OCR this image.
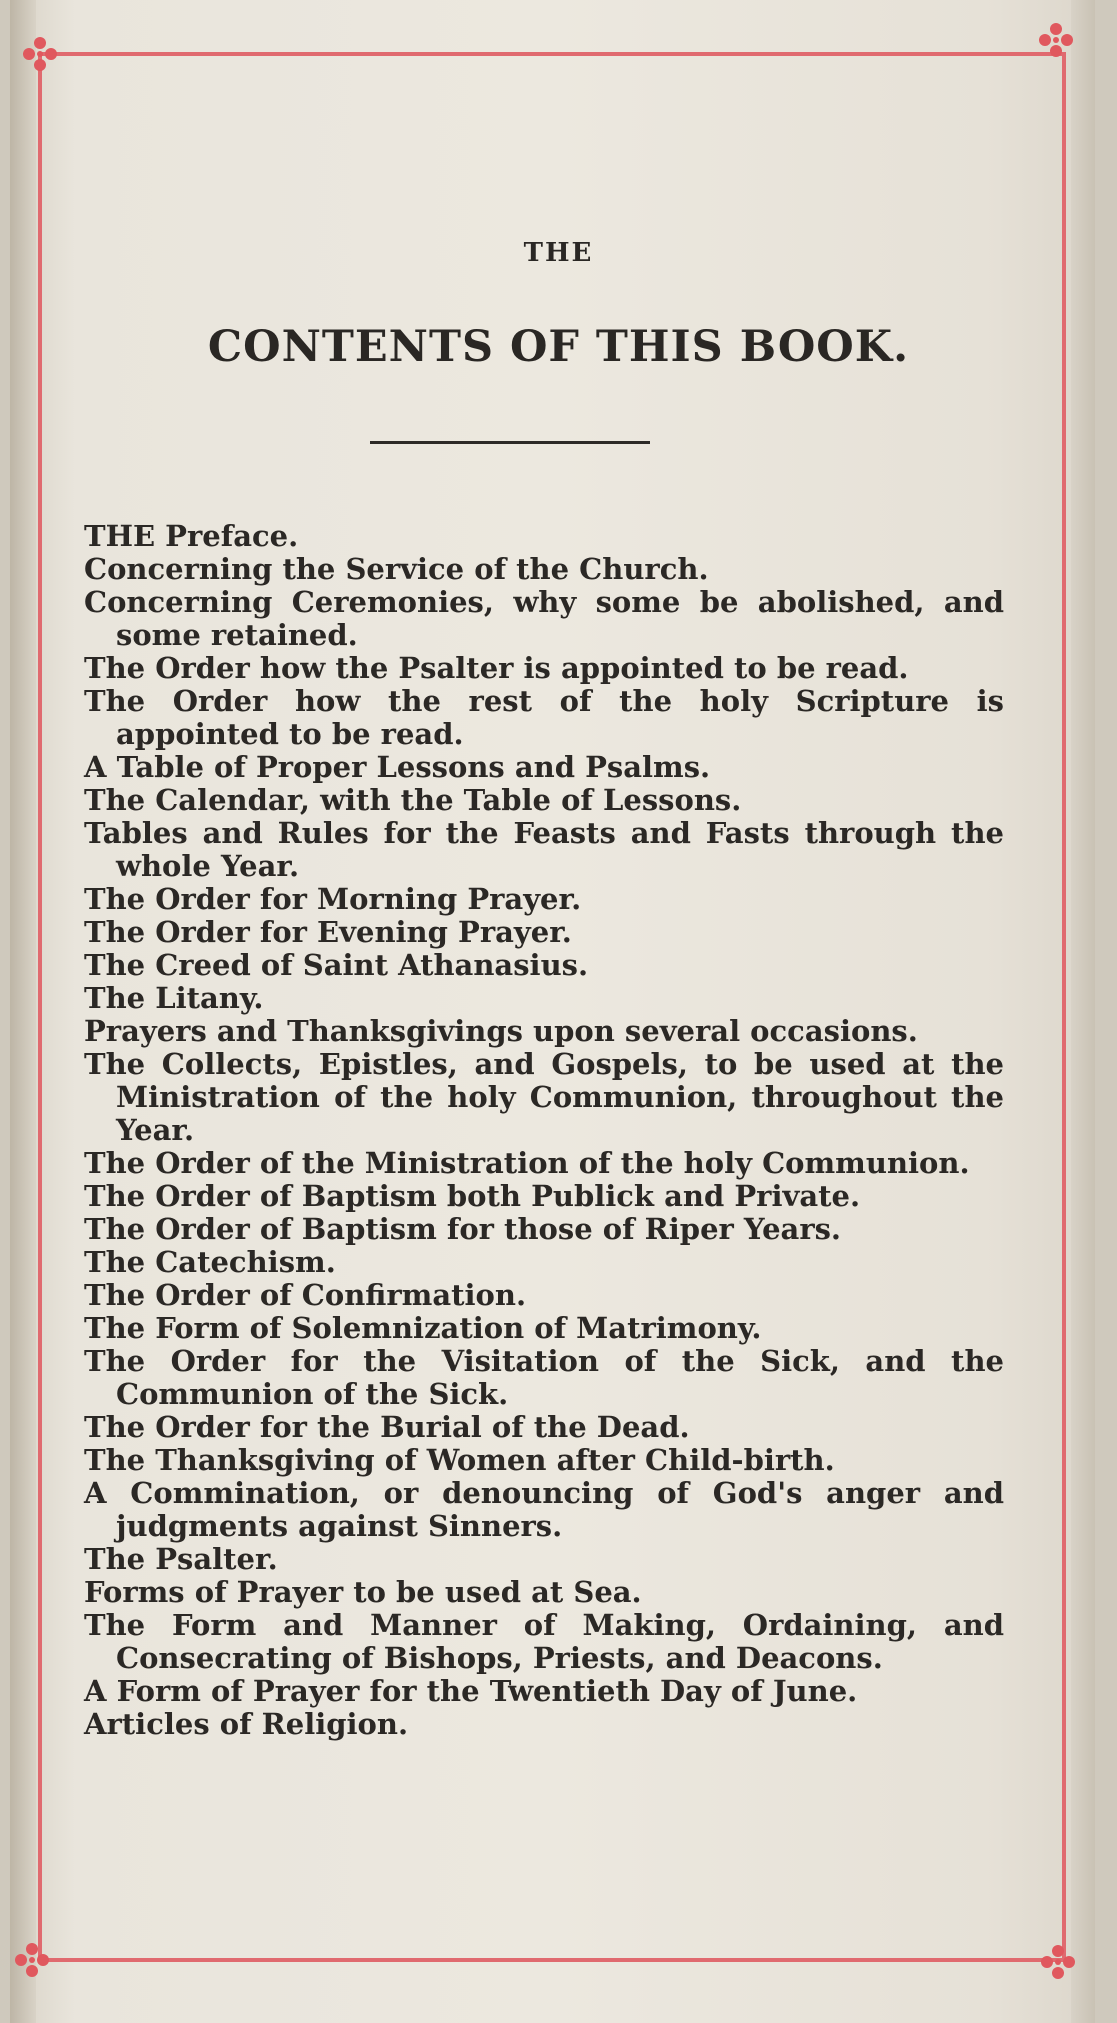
THE
CONTENTS OF THIS BOOK.
THE Preface.
Concerning the Service of the Church.
Concerning Ceremonies, why some be abolished, and some retained.
The Order how the Psalter is appointed to be read.
The Order how the rest of the holy Scripture is appointed to be read.
A Table of Proper Lessons and Psalms.
The Calendar, with the Table of Lessons.
Tables and Rules for the Feasts and Fasts through the whole Year.
The Order for Morning Prayer.
The Order for Evening Prayer.
The Creed of Saint Athanasius.
The Litany.
Prayers and Thanksgivings upon several occasions.
The Collects, Epistles, and Gospels, to be used at the Ministration of the holy Communion, throughout the Year.
The Order of the Ministration of the holy Communion.
The Order of Baptism both Publick and Private.
The Order of Baptism for those of Riper Years.
The Catechism.
The Order of Confirmation.
The Form of Solemnization of Matrimony.
The Order for the Visitation of the Sick, and the Communion of the Sick.
The Order for the Burial of the Dead.
The Thanksgiving of Women after Child-birth.
A Commination, or denouncing of God's anger and judgments against Sinners.
The Psalter.
Forms of Prayer to be used at Sea.
The Form and Manner of Making, Ordaining, and Consecrating of Bishops, Priests, and Deacons.
A Form of Prayer for the Twentieth Day of June.
Articles of Religion.
